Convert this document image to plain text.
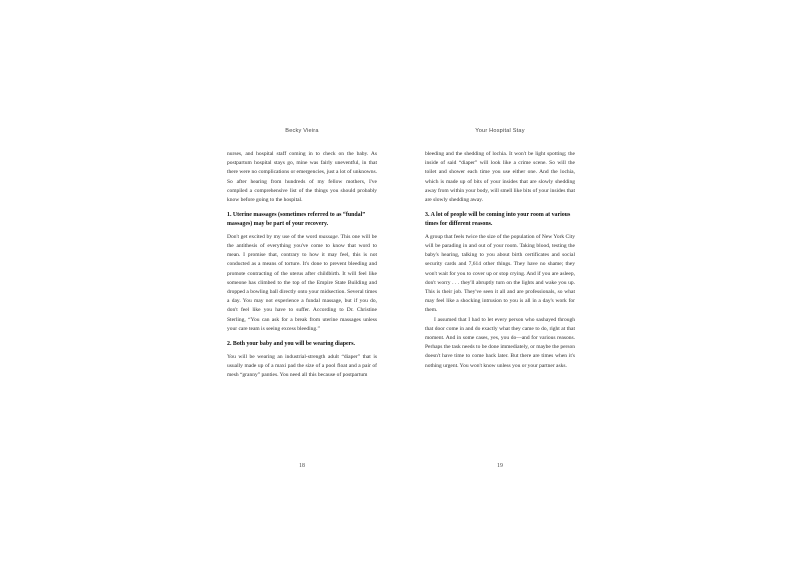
Becky Vieira

nurses, and hospital staff coming in to check on the baby. As postpartum hospital stays go, mine was fairly uneventful, in that there were no complications or emergencies, just a lot of unknowns. So after hearing from hundreds of my fellow mothers, I've compiled a comprehensive list of the things you should probably know before going to the hospital.

1. Uterine massages (sometimes referred to as “fundal” massages) may be part of your recovery.

Don't get excited by my use of the word massage. This one will be the antithesis of everything you've come to know that word to mean. I promise that, contrary to how it may feel, this is not conducted as a means of torture. It's done to prevent bleeding and promote contracting of the uterus after childbirth. It will feel like someone has climbed to the top of the Empire State Building and dropped a bowling ball directly onto your midsection. Several times a day. You may not experience a fundal massage, but if you do, don't feel like you have to suffer. According to Dr. Christine Sterling, “You can ask for a break from uterine massages unless your care team is seeing excess bleeding.”

2. Both your baby and you will be wearing diapers.

You will be wearing an industrial-strength adult “diaper” that is usually made up of a maxi pad the size of a pool float and a pair of mesh “granny” panties. You need all this because of postpartum

18
Your Hospital Stay

bleeding and the shedding of lochia. It won't be light spotting; the inside of said “diaper” will look like a crime scene. So will the toilet and shower each time you use either one. And the lochia, which is made up of bits of your insides that are slowly shedding away from within your body, will smell like bits of your insides that are slowly shedding away.

3. A lot of people will be coming into your room at various times for different reasons.

A group that feels twice the size of the population of New York City will be parading in and out of your room. Taking blood, testing the baby's hearing, talking to you about birth certificates and social security cards and 7,614 other things. They have no shame; they won't wait for you to cover up or stop crying. And if you are asleep, don't worry . . . they'll abruptly turn on the lights and wake you up. This is their job. They've seen it all and are professionals, so what may feel like a shocking intrusion to you is all in a day's work for them.

I assumed that I had to let every person who sashayed through that door come in and do exactly what they came to do, right at that moment. And in some cases, yes, you do—and for various reasons. Perhaps the task needs to be done immediately, or maybe the person doesn't have time to come back later. But there are times when it's nothing urgent. You won't know unless you or your partner asks.

19
